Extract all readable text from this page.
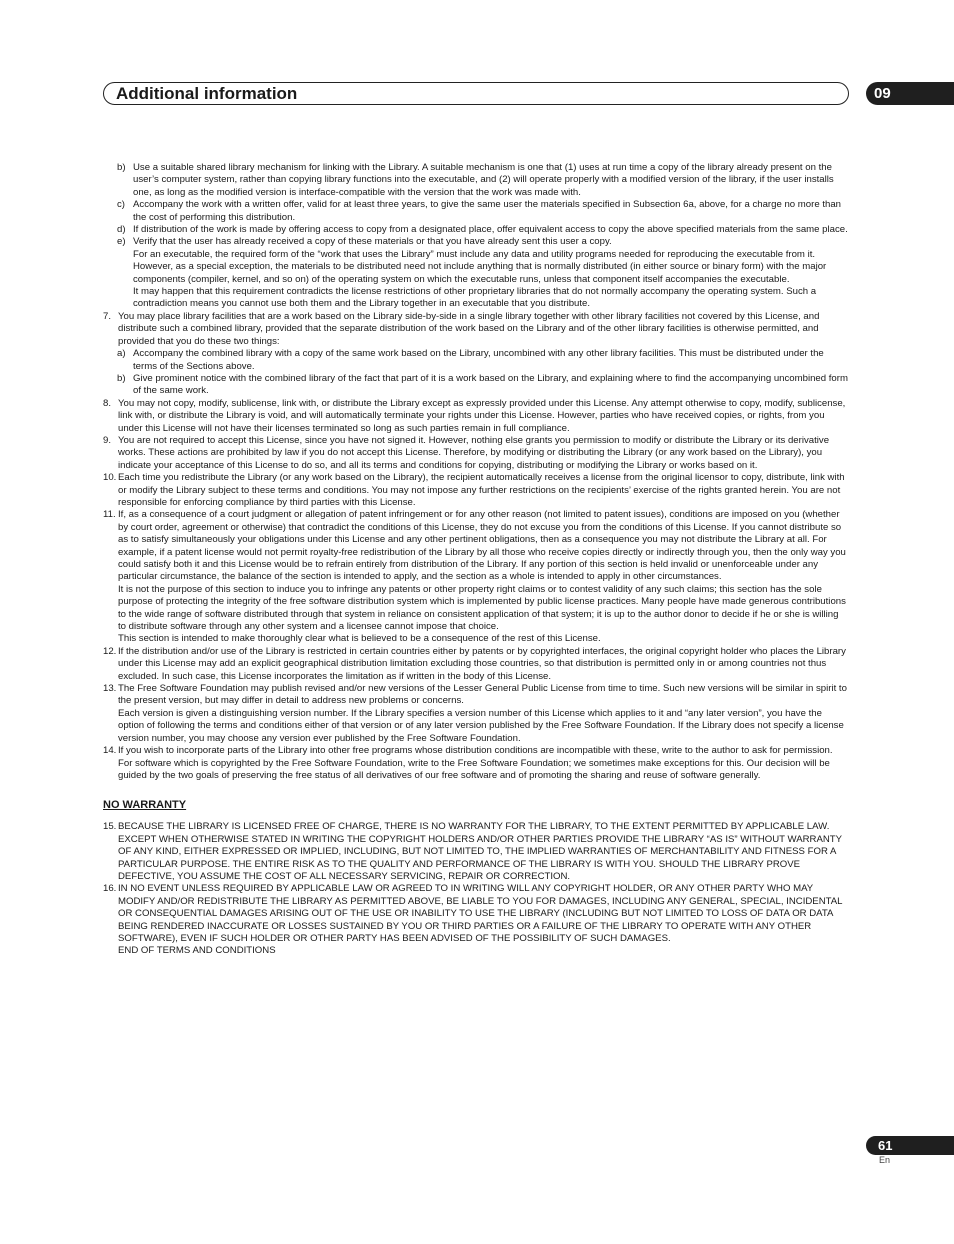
Additional information	09
b) Use a suitable shared library mechanism for linking with the Library. A suitable mechanism is one that (1) uses at run time a copy of the library already present on the user’s computer system, rather than copying library functions into the executable, and (2) will operate properly with a modified version of the library, if the user installs one, as long as the modified version is interface-compatible with the version that the work was made with.
c) Accompany the work with a written offer, valid for at least three years, to give the same user the materials specified in Subsection 6a, above, for a charge no more than the cost of performing this distribution.
d) If distribution of the work is made by offering access to copy from a designated place, offer equivalent access to copy the above specified materials from the same place.
e) Verify that the user has already received a copy of these materials or that you have already sent this user a copy.
For an executable, the required form of the “work that uses the Library” must include any data and utility programs needed for reproducing the executable from it. However, as a special exception, the materials to be distributed need not include anything that is normally distributed (in either source or binary form) with the major components (compiler, kernel, and so on) of the operating system on which the executable runs, unless that component itself accompanies the executable.
It may happen that this requirement contradicts the license restrictions of other proprietary libraries that do not normally accompany the operating system. Such a contradiction means you cannot use both them and the Library together in an executable that you distribute.
7. You may place library facilities that are a work based on the Library side-by-side in a single library together with other library facilities not covered by this License, and distribute such a combined library, provided that the separate distribution of the work based on the Library and of the other library facilities is otherwise permitted, and provided that you do these two things:
a) Accompany the combined library with a copy of the same work based on the Library, uncombined with any other library facilities. This must be distributed under the terms of the Sections above.
b) Give prominent notice with the combined library of the fact that part of it is a work based on the Library, and explaining where to find the accompanying uncombined form of the same work.
8. You may not copy, modify, sublicense, link with, or distribute the Library except as expressly provided under this License. Any attempt otherwise to copy, modify, sublicense, link with, or distribute the Library is void, and will automatically terminate your rights under this License. However, parties who have received copies, or rights, from you under this License will not have their licenses terminated so long as such parties remain in full compliance.
9. You are not required to accept this License, since you have not signed it. However, nothing else grants you permission to modify or distribute the Library or its derivative works. These actions are prohibited by law if you do not accept this License. Therefore, by modifying or distributing the Library (or any work based on the Library), you indicate your acceptance of this License to do so, and all its terms and conditions for copying, distributing or modifying the Library or works based on it.
10. Each time you redistribute the Library (or any work based on the Library), the recipient automatically receives a license from the original licensor to copy, distribute, link with or modify the Library subject to these terms and conditions. You may not impose any further restrictions on the recipients’ exercise of the rights granted herein. You are not responsible for enforcing compliance by third parties with this License.
11. If, as a consequence of a court judgment or allegation of patent infringement or for any other reason (not limited to patent issues), conditions are imposed on you (whether by court order, agreement or otherwise) that contradict the conditions of this License, they do not excuse you from the conditions of this License. If you cannot distribute so as to satisfy simultaneously your obligations under this License and any other pertinent obligations, then as a consequence you may not distribute the Library at all. For example, if a patent license would not permit royalty-free redistribution of the Library by all those who receive copies directly or indirectly through you, then the only way you could satisfy both it and this License would be to refrain entirely from distribution of the Library. If any portion of this section is held invalid or unenforceable under any particular circumstance, the balance of the section is intended to apply, and the section as a whole is intended to apply in other circumstances.
It is not the purpose of this section to induce you to infringe any patents or other property right claims or to contest validity of any such claims; this section has the sole purpose of protecting the integrity of the free software distribution system which is implemented by public license practices. Many people have made generous contributions to the wide range of software distributed through that system in reliance on consistent application of that system; it is up to the author donor to decide if he or she is willing to distribute software through any other system and a licensee cannot impose that choice.
This section is intended to make thoroughly clear what is believed to be a consequence of the rest of this License.
12. If the distribution and/or use of the Library is restricted in certain countries either by patents or by copyrighted interfaces, the original copyright holder who places the Library under this License may add an explicit geographical distribution limitation excluding those countries, so that distribution is permitted only in or among countries not thus excluded. In such case, this License incorporates the limitation as if written in the body of this License.
13. The Free Software Foundation may publish revised and/or new versions of the Lesser General Public License from time to time. Such new versions will be similar in spirit to the present version, but may differ in detail to address new problems or concerns.
Each version is given a distinguishing version number. If the Library specifies a version number of this License which applies to it and “any later version”, you have the option of following the terms and conditions either of that version or of any later version published by the Free Software Foundation. If the Library does not specify a license version number, you may choose any version ever published by the Free Software Foundation.
14. If you wish to incorporate parts of the Library into other free programs whose distribution conditions are incompatible with these, write to the author to ask for permission. For software which is copyrighted by the Free Software Foundation, write to the Free Software Foundation; we sometimes make exceptions for this. Our decision will be guided by the two goals of preserving the free status of all derivatives of our free software and of promoting the sharing and reuse of software generally.
NO WARRANTY
15. BECAUSE THE LIBRARY IS LICENSED FREE OF CHARGE, THERE IS NO WARRANTY FOR THE LIBRARY, TO THE EXTENT PERMITTED BY APPLICABLE LAW. EXCEPT WHEN OTHERWISE STATED IN WRITING THE COPYRIGHT HOLDERS AND/OR OTHER PARTIES PROVIDE THE LIBRARY “AS IS” WITHOUT WARRANTY OF ANY KIND, EITHER EXPRESSED OR IMPLIED, INCLUDING, BUT NOT LIMITED TO, THE IMPLIED WARRANTIES OF MERCHANTABILITY AND FITNESS FOR A PARTICULAR PURPOSE. THE ENTIRE RISK AS TO THE QUALITY AND PERFORMANCE OF THE LIBRARY IS WITH YOU. SHOULD THE LIBRARY PROVE DEFECTIVE, YOU ASSUME THE COST OF ALL NECESSARY SERVICING, REPAIR OR CORRECTION.
16. IN NO EVENT UNLESS REQUIRED BY APPLICABLE LAW OR AGREED TO IN WRITING WILL ANY COPYRIGHT HOLDER, OR ANY OTHER PARTY WHO MAY MODIFY AND/OR REDISTRIBUTE THE LIBRARY AS PERMITTED ABOVE, BE LIABLE TO YOU FOR DAMAGES, INCLUDING ANY GENERAL, SPECIAL, INCIDENTAL OR CONSEQUENTIAL DAMAGES ARISING OUT OF THE USE OR INABILITY TO USE THE LIBRARY (INCLUDING BUT NOT LIMITED TO LOSS OF DATA OR DATA BEING RENDERED INACCURATE OR LOSSES SUSTAINED BY YOU OR THIRD PARTIES OR A FAILURE OF THE LIBRARY TO OPERATE WITH ANY OTHER SOFTWARE), EVEN IF SUCH HOLDER OR OTHER PARTY HAS BEEN ADVISED OF THE POSSIBILITY OF SUCH DAMAGES.
END OF TERMS AND CONDITIONS
61
En
